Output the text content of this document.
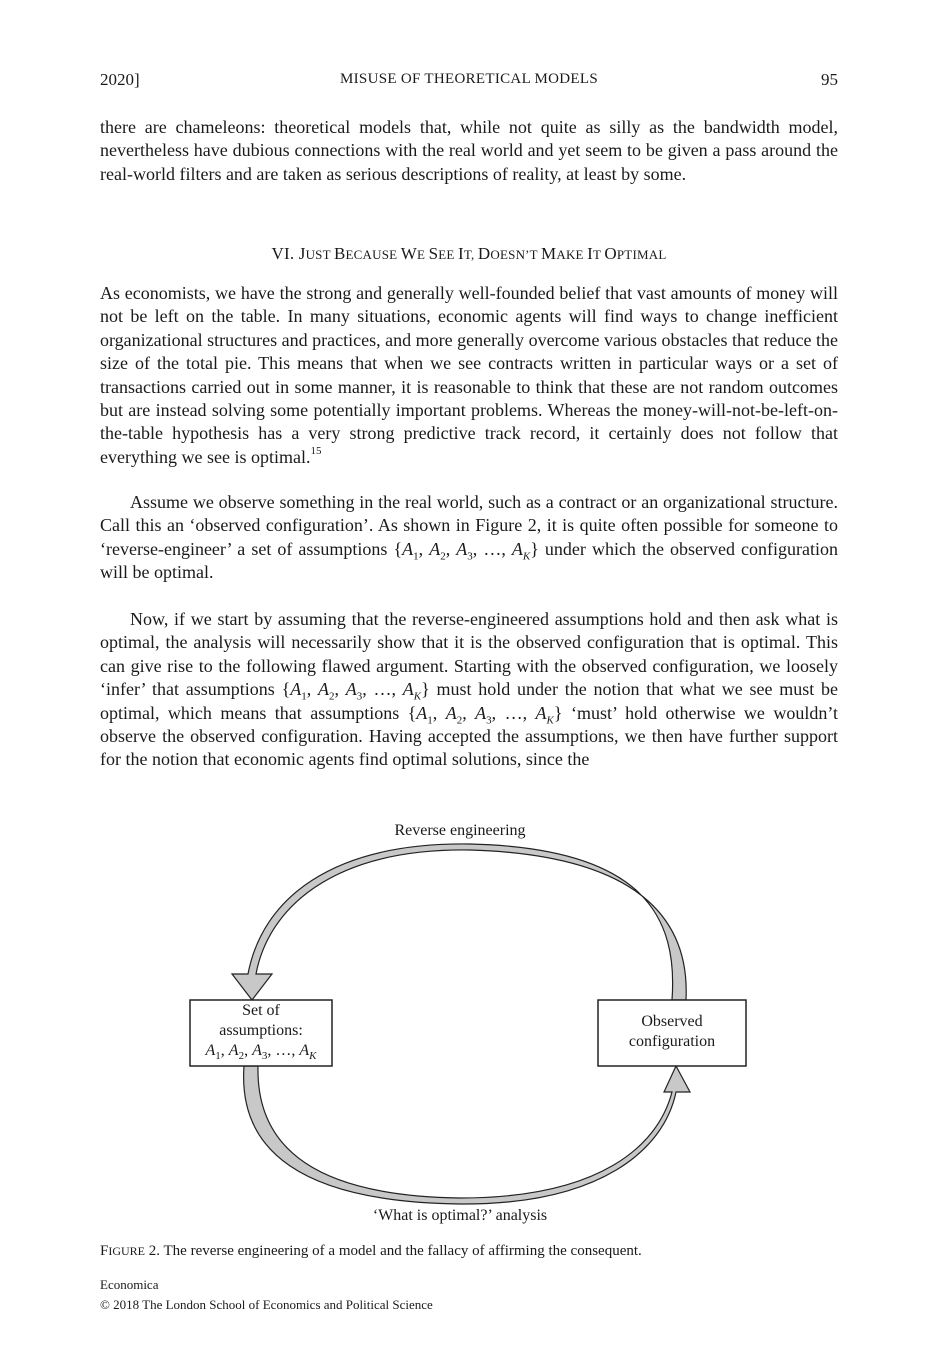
2020]	MISUSE OF THEORETICAL MODELS	95

there are chameleons: theoretical models that, while not quite as silly as the bandwidth model, nevertheless have dubious connections with the real world and yet seem to be given a pass around the real-world filters and are taken as serious descriptions of reality, at least by some.

VI. JUST BECAUSE WE SEE IT, DOESN’T MAKE IT OPTIMAL

As economists, we have the strong and generally well-founded belief that vast amounts of money will not be left on the table. In many situations, economic agents will find ways to change inefficient organizational structures and practices, and more generally overcome various obstacles that reduce the size of the total pie. This means that when we see contracts written in particular ways or a set of transactions carried out in some manner, it is reasonable to think that these are not random outcomes but are instead solving some potentially important problems. Whereas the money-will-not-be-left-on-the-table hypothesis has a very strong predictive track record, it certainly does not follow that everything we see is optimal.$^{15}$

Assume we observe something in the real world, such as a contract or an organizational structure. Call this an ‘observed configuration’. As shown in Figure 2, it is quite often possible for someone to ‘reverse-engineer’ a set of assumptions {$A_1$, $A_2$, $A_3$, …, $A_K$} under which the observed configuration will be optimal.

Now, if we start by assuming that the reverse-engineered assumptions hold and then ask what is optimal, the analysis will necessarily show that it is the observed configuration that is optimal. This can give rise to the following flawed argument. Starting with the observed configuration, we loosely ‘infer’ that assumptions {$A_1$, $A_2$, $A_3$, …, $A_K$} must hold under the notion that what we see must be optimal, which means that assumptions {$A_1$, $A_2$, $A_3$, …, $A_K$} ‘must’ hold otherwise we wouldn’t observe the observed configuration. Having accepted the assumptions, we then have further support for the notion that economic agents find optimal solutions, since the

Reverse engineering
‘What is optimal?’ analysis
Set of
assumptions:
$A_1$, $A_2$, $A_3$, …, $A_K$
Observed
configuration

FIGURE 2. The reverse engineering of a model and the fallacy of affirming the consequent.

Economica
© 2018 The London School of Economics and Political Science
